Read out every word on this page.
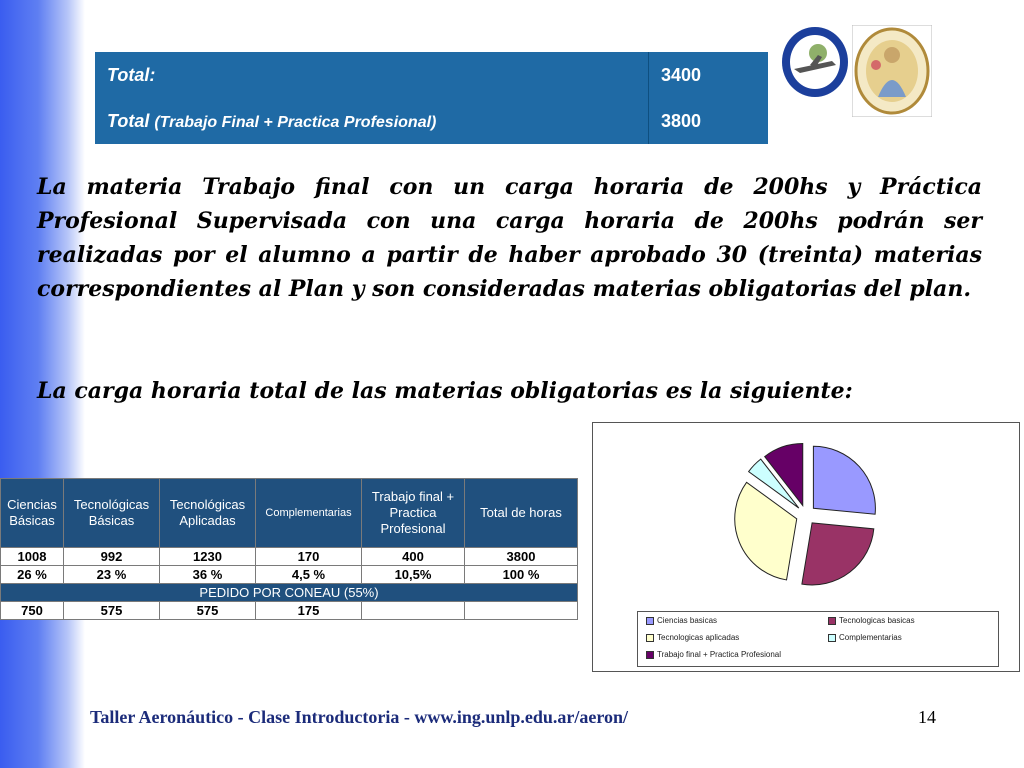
Total:	3400
Total (Trabajo Final + Practica Profesional)	3800

La materia Trabajo final con un carga horaria de 200hs y Práctica Profesional Supervisada con una carga horaria de 200hs podrán ser realizadas por el alumno a partir de haber aprobado 30 (treinta) materias correspondientes al Plan y son consideradas materias obligatorias del plan.

La carga horaria total de las materias obligatorias es la siguiente:

Ciencias Básicas	Tecnológicas Básicas	Tecnológicas Aplicadas	Complementarias	Trabajo final + Practica Profesional	Total de horas
1008	992	1230	170	400	3800
26 %	23 %	36 %	4,5 %	10,5%	100 %
PEDIDO POR CONEAU (55%)					
750	575	575	175		
Ciencias basicas	Tecnologicas basicas
Tecnologicas aplicadas	Complementarias
Trabajo final + Practica Profesional
Taller Aeronáutico - Clase Introductoria - www.ing.unlp.edu.ar/aeron/	14
